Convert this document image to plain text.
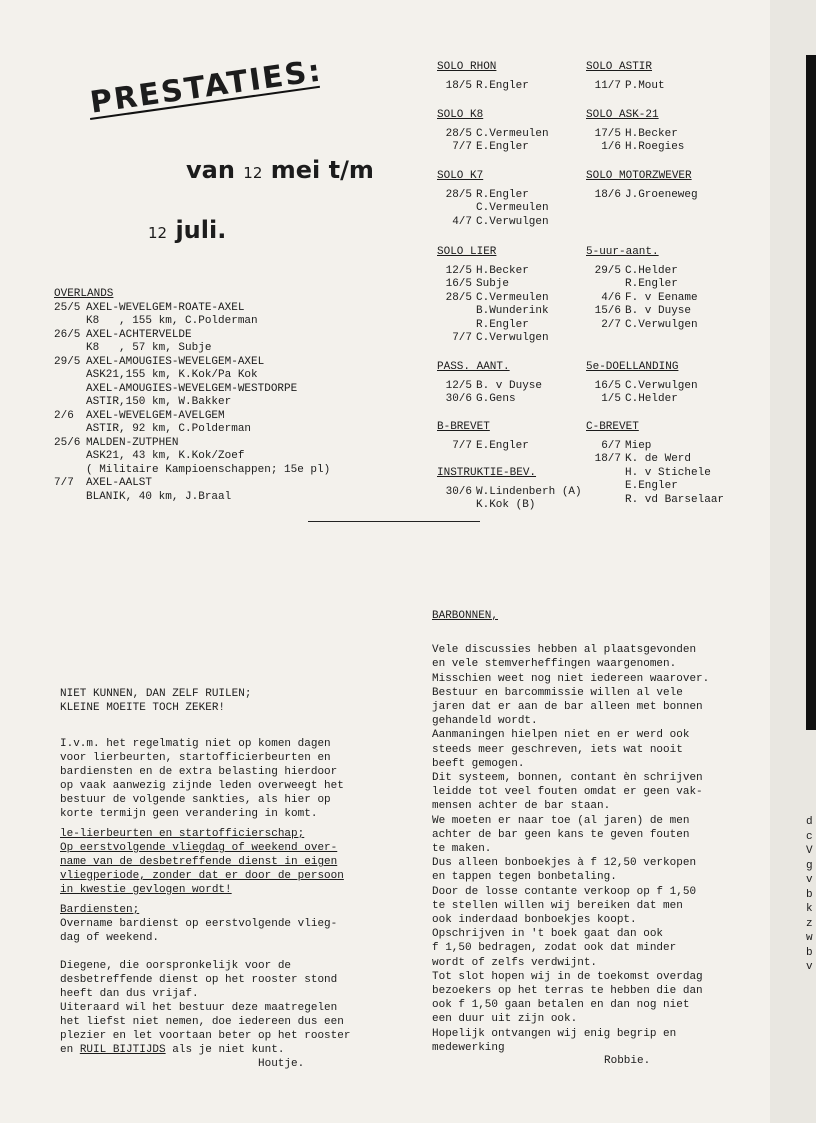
d
c
V
g
v
b
k
z
w
b
v
PRESTATIES:
van 12 mei t/m
12 juli.
OVERLANDS
25/5 AXEL-WEVELGEM-ROATE-AXEL
K8   , 155 km, C.Polderman
26/5 AXEL-ACHTERVELDE
K8   , 57 km, Subje
29/5 AXEL-AMOUGIES-WEVELGEM-AXEL
ASK21,155 km, K.Kok/Pa Kok
AXEL-AMOUGIES-WEVELGEM-WESTDORPE
ASTIR,150 km, W.Bakker
2/6	AXEL-WEVELGEM-AVELGEM
ASTIR, 92 km, C.Polderman
25/6 MALDEN-ZUTPHEN
ASK21, 43 km, K.Kok/Zoef
( Militaire Kampioenschappen; 15e pl)
7/7	AXEL-AALST
BLANIK, 40 km, J.Braal
SOLO RHON
18/5 R.Engler
SOLO K8
28/5 C.Vermeulen
7/7 E.Engler
SOLO K7
28/5 R.Engler
C.Vermeulen
4/7 C.Verwulgen
SOLO LIER
12/5 H.Becker
16/5 Subje
28/5 C.Vermeulen
B.Wunderink
R.Engler
7/7 C.Verwulgen
PASS. AANT.
12/5 B. v Duyse
30/6 G.Gens
B-BREVET
7/7 E.Engler
INSTRUKTIE-BEV.
30/6 W.Lindenberh (A)
K.Kok (B)
SOLO ASTIR
11/7 P.Mout
SOLO ASK-21
17/5 H.Becker
1/6 H.Roegies
SOLO MOTORZWEVER
18/6 J.Groeneweg
5-uur-aant.
29/5 C.Helder
R.Engler
4/6 F. v Eename
15/6 B. v Duyse
2/7 C.Verwulgen
5e-DOELLANDING
16/5 C.Verwulgen
1/5 C.Helder
C-BREVET
6/7 Miep
18/7 K. de Werd
H. v Stichele
E.Engler
R. vd Barselaar
NIET KUNNEN, DAN ZELF RUILEN;
KLEINE MOEITE TOCH ZEKER!
I.v.m. het regelmatig niet op komen dagen
voor lierbeurten, startofficierbeurten en
bardiensten en de extra belasting hierdoor
op vaak aanwezig zijnde leden overweegt het
bestuur de volgende sankties, als hier op
korte termijn geen verandering in komt.
le-lierbeurten en startofficierschap;
Op eerstvolgende vliegdag of weekend over-
name van de desbetreffende dienst in eigen
vliegperiode, zonder dat er door de persoon
in kwestie gevlogen wordt!
Bardiensten;
Overname bardienst op eerstvolgende vlieg-
dag of weekend.
Diegene, die oorspronkelijk voor de
desbetreffende dienst op het rooster stond
heeft dan dus vrijaf.
Uiteraard wil het bestuur deze maatregelen
het liefst niet nemen, doe iedereen dus een
plezier en let voortaan beter op het rooster
en RUIL BIJTIJDS als je niet kunt.
Houtje.
BARBONNEN,
Vele discussies hebben al plaatsgevonden
en vele stemverheffingen waargenomen.
Misschien weet nog niet iedereen waarover.
Bestuur en barcommissie willen al vele
jaren dat er aan de bar alleen met bonnen
gehandeld wordt.
Aanmaningen hielpen niet en er werd ook
steeds meer geschreven, iets wat nooit
beeft gemogen.
Dit systeem, bonnen, contant èn schrijven
leidde tot veel fouten omdat er geen vak-
mensen achter de bar staan.
We moeten er naar toe (al jaren) de men
achter de bar geen kans te geven fouten
te maken.
Dus alleen bonboekjes à f 12,50 verkopen
en tappen tegen bonbetaling.
Door de losse contante verkoop op f 1,50
te stellen willen wij bereiken dat men
ook inderdaad bonboekjes koopt.
Opschrijven in 't boek gaat dan ook
f 1,50 bedragen, zodat ook dat minder
wordt of zelfs verdwijnt.
Tot slot hopen wij in de toekomst overdag
bezoekers op het terras te hebben die dan
ook f 1,50 gaan betalen en dan nog niet
een duur uit zijn ook.
Hopelijk ontvangen wij enig begrip en
medewerking
Robbie.
